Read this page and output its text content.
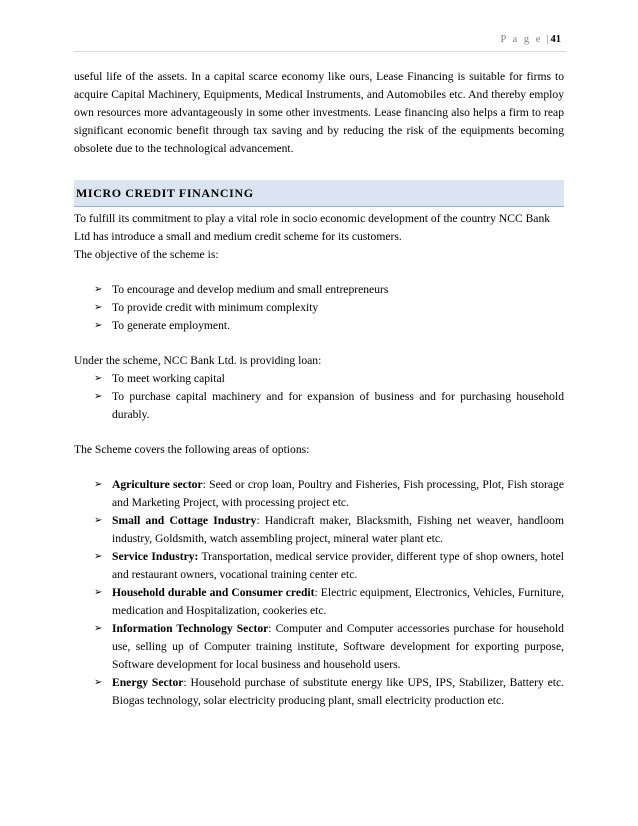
P a g e | 41

useful life of the assets. In a capital scarce economy like ours, Lease Financing is suitable for firms to acquire Capital Machinery, Equipments, Medical Instruments, and Automobiles etc. And thereby employ own resources more advantageously in some other investments. Lease financing also helps a firm to reap significant economic benefit through tax saving and by reducing the risk of the equipments becoming obsolete due to the technological advancement.

MICRO CREDIT FINANCING

To fulfill its commitment to play a vital role in socio economic development of the country NCC Bank Ltd has introduce a small and medium credit scheme for its customers.

The objective of the scheme is:

➢ To encourage and develop medium and small entrepreneurs
➢ To provide credit with minimum complexity
➢ To generate employment.

Under the scheme, NCC Bank Ltd. is providing loan:

➢ To meet working capital
➢ To purchase capital machinery and for expansion of business and for purchasing household durably.

The Scheme covers the following areas of options:

➢ Agriculture sector: Seed or crop loan, Poultry and Fisheries, Fish processing, Plot, Fish storage and Marketing Project, with processing project etc.
➢ Small and Cottage Industry: Handicraft maker, Blacksmith, Fishing net weaver, handloom industry, Goldsmith, watch assembling project, mineral water plant etc.
➢ Service Industry: Transportation, medical service provider, different type of shop owners, hotel and restaurant owners, vocational training center etc.
➢ Household durable and Consumer credit: Electric equipment, Electronics, Vehicles, Furniture, medication and Hospitalization, cookeries etc.
➢ Information Technology Sector: Computer and Computer accessories purchase for household use, selling up of Computer training institute, Software development for exporting purpose, Software development for local business and household users.
➢ Energy Sector: Household purchase of substitute energy like UPS, IPS, Stabilizer, Battery etc. Biogas technology, solar electricity producing plant, small electricity production etc.
